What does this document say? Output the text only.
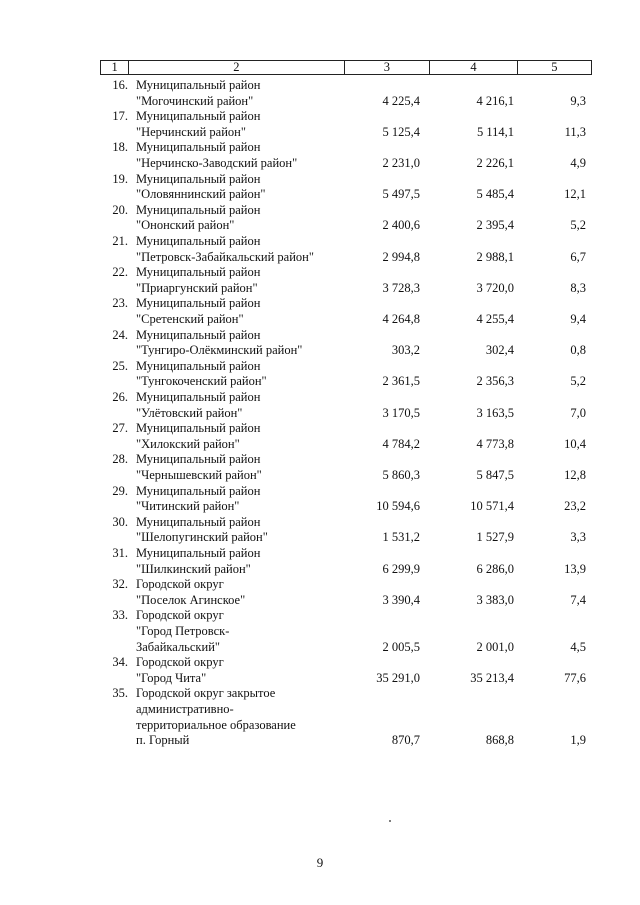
1	2	3	4	5
16. Муниципальный район
"Могочинский район"	4 225,4	4 216,1	9,3
17. Муниципальный район
"Нерчинский район"	5 125,4	5 114,1	11,3
18. Муниципальный район
"Нерчинско-Заводский район"	2 231,0	2 226,1	4,9
19. Муниципальный район
"Оловяннинский район"	5 497,5	5 485,4	12,1
20. Муниципальный район
"Ононский район"	2 400,6	2 395,4	5,2
21. Муниципальный район
"Петровск-Забайкальский район"	2 994,8	2 988,1	6,7
22. Муниципальный район
"Приаргунский район"	3 728,3	3 720,0	8,3
23. Муниципальный район
"Сретенский район"	4 264,8	4 255,4	9,4
24. Муниципальный район
"Тунгиро-Олёкминский район"	303,2	302,4	0,8
25. Муниципальный район
"Тунгокоченский район"	2 361,5	2 356,3	5,2
26. Муниципальный район
"Улётовский район"	3 170,5	3 163,5	7,0
27. Муниципальный район
"Хилокский район"	4 784,2	4 773,8	10,4
28. Муниципальный район
"Чернышевский район"	5 860,3	5 847,5	12,8
29. Муниципальный район
"Читинский район"	10 594,6	10 571,4	23,2
30. Муниципальный район
"Шелопугинский район"	1 531,2	1 527,9	3,3
31. Муниципальный район
"Шилкинский район"	6 299,9	6 286,0	13,9
32. Городской округ
"Поселок Агинское"	3 390,4	3 383,0	7,4
33. Городской округ
"Город Петровск-
Забайкальский"	2 005,5	2 001,0	4,5
34. Городской округ
"Город Чита"	35 291,0	35 213,4	77,6
35. Городской округ закрытое
административно-
территориальное образование
п. Горный	870,7	868,8	1,9
9
